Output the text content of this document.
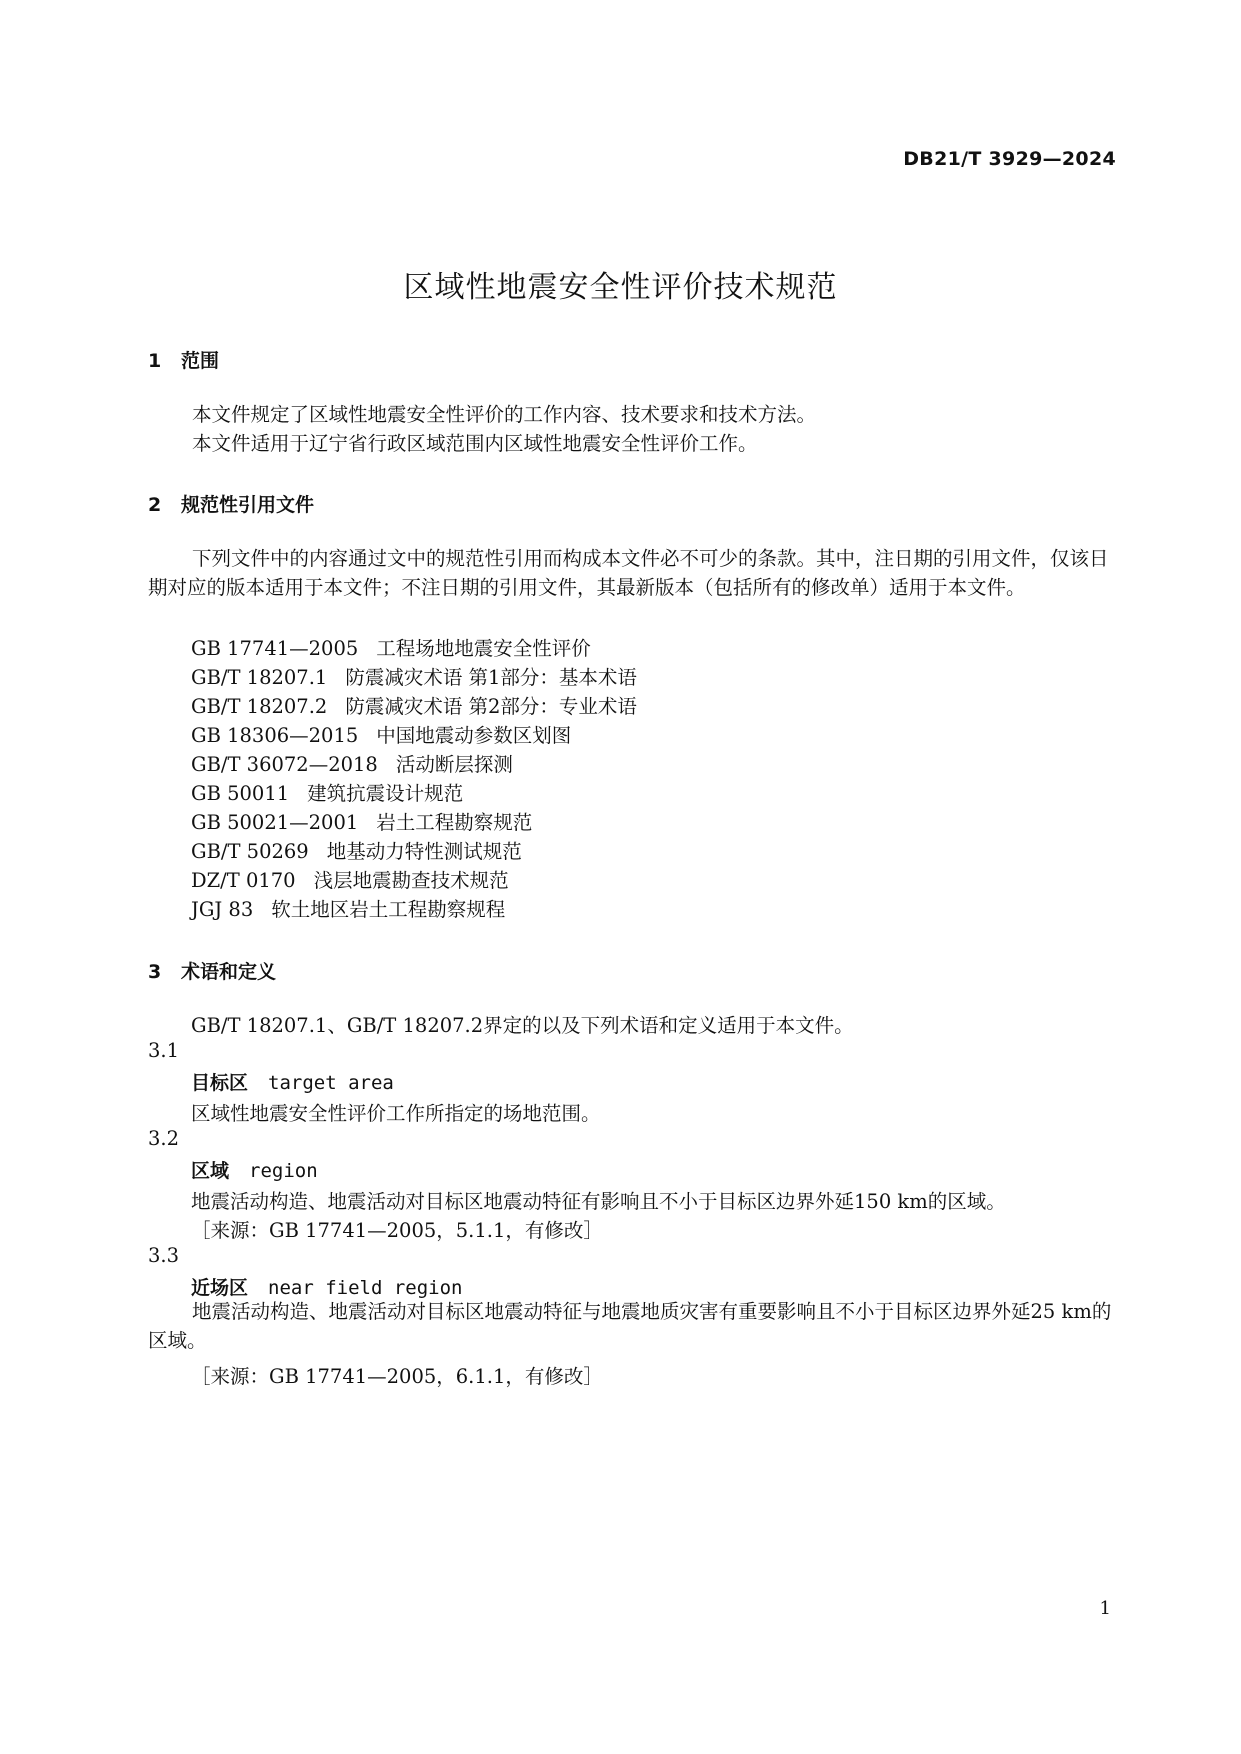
DB21/T 3929—2024
区域性地震安全性评价技术规范
1 范围
本文件规定了区域性地震安全性评价的工作内容、技术要求和技术方法。
本文件适用于辽宁省行政区域范围内区域性地震安全性评价工作。
2 规范性引用文件
下列文件中的内容通过文中的规范性引用而构成本文件必不可少的条款。其中，注日期的引用文件，仅该日期对应的版本适用于本文件；不注日期的引用文件，其最新版本（包括所有的修改单）适用于本文件。
GB 17741—2005 工程场地地震安全性评价
GB/T 18207.1 防震减灾术语 第1部分：基本术语
GB/T 18207.2 防震减灾术语 第2部分：专业术语
GB 18306—2015 中国地震动参数区划图
GB/T 36072—2018 活动断层探测
GB 50011 建筑抗震设计规范
GB 50021—2001 岩土工程勘察规范
GB/T 50269 地基动力特性测试规范
DZ/T 0170 浅层地震勘查技术规范
JGJ 83 软土地区岩土工程勘察规程
3 术语和定义
GB/T 18207.1、GB/T 18207.2界定的以及下列术语和定义适用于本文件。
3.1
目标区 target area
区域性地震安全性评价工作所指定的场地范围。
3.2
区域 region
地震活动构造、地震活动对目标区地震动特征有影响且不小于目标区边界外延150 km的区域。
［来源：GB 17741—2005，5.1.1，有修改］
3.3
近场区 near field region
地震活动构造、地震活动对目标区地震动特征与地震地质灾害有重要影响且不小于目标区边界外延25 km的区域。
［来源：GB 17741—2005，6.1.1，有修改］
1
